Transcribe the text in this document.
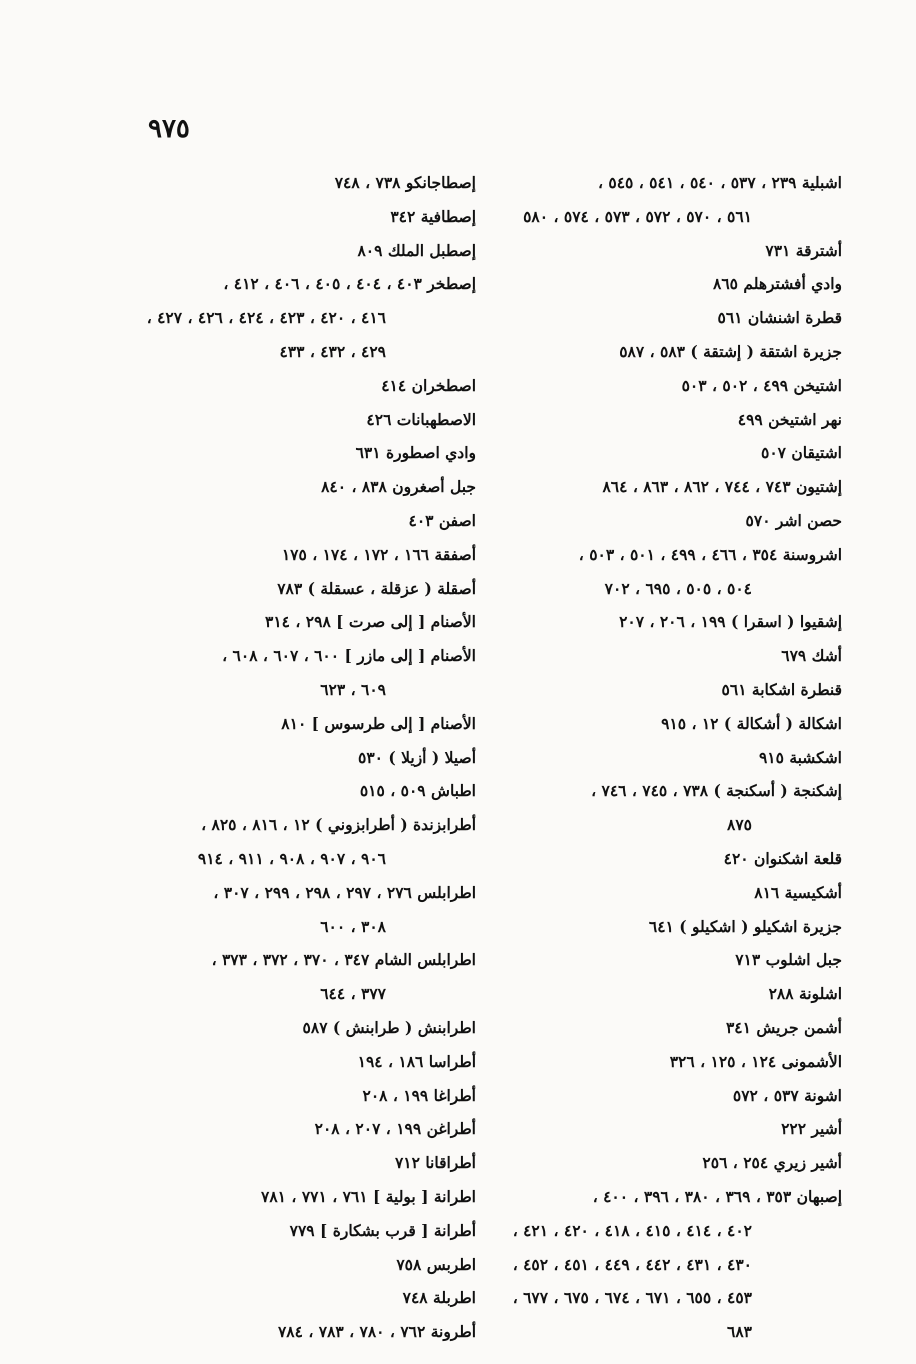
٩٧٥
اشبلية ٢٣٩ ، ٥٣٧ ، ٥٤٠ ، ٥٤١ ، ٥٤٥ ،
٥٦١ ، ٥٧٠ ، ٥٧٢ ، ٥٧٣ ، ٥٧٤ ، ٥٨٠
أشترقة ٧٣١
وادي أفشترهلم ٨٦٥
قطرة اشنشان ٥٦١
جزيرة اشتقة ( إشتقة ) ٥٨٣ ، ٥٨٧
اشتيخن ٤٩٩ ، ٥٠٢ ، ٥٠٣
نهر اشتيخن ٤٩٩
اشتيقان ٥٠٧
إشتيون ٧٤٣ ، ٧٤٤ ، ٨٦٢ ، ٨٦٣ ، ٨٦٤
حصن اشر ٥٧٠
اشروسنة ٣٥٤ ، ٤٦٦ ، ٤٩٩ ، ٥٠١ ، ٥٠٣ ،
٥٠٤ ، ٥٠٥ ، ٦٩٥ ، ٧٠٢
إشقيوا ( اسقرا ) ١٩٩ ، ٢٠٦ ، ٢٠٧
أشك ٦٧٩
قنطرة اشكابة ٥٦١
اشكالة ( أشكالة ) ١٢ ، ٩١٥
اشكشبة ٩١٥
إشكنجة ( أسكنجة ) ٧٣٨ ، ٧٤٥ ، ٧٤٦ ،
٨٧٥
قلعة اشكنوان ٤٢٠
أشكيسية ٨١٦
جزيرة اشكيلو ( اشكيلو ) ٦٤١
جبل اشلوب ٧١٣
اشلونة ٢٨٨
أشمن جريش ٣٤١
الأشمونى ١٢٤ ، ١٢٥ ، ٣٢٦
اشونة ٥٣٧ ، ٥٧٢
أشير ٢٢٢
أشير زيري ٢٥٤ ، ٢٥٦
إصبهان ٣٥٣ ، ٣٦٩ ، ٣٨٠ ، ٣٩٦ ، ٤٠٠ ،
٤٠٢ ، ٤١٤ ، ٤١٥ ، ٤١٨ ، ٤٢٠ ، ٤٢١ ،
٤٣٠ ، ٤٣١ ، ٤٤٢ ، ٤٤٩ ، ٤٥١ ، ٤٥٢ ،
٤٥٣ ، ٦٥٥ ، ٦٧١ ، ٦٧٤ ، ٦٧٥ ، ٦٧٧ ،
٦٨٣
إصطاجانكو ٧٣٨ ، ٧٤٨
إصطافية ٣٤٢
إصطبل الملك ٨٠٩
إصطخر ٤٠٣ ، ٤٠٤ ، ٤٠٥ ، ٤٠٦ ، ٤١٢ ،
٤١٦ ، ٤٢٠ ، ٤٢٣ ، ٤٢٤ ، ٤٢٦ ، ٤٢٧ ،
٤٢٩ ، ٤٣٢ ، ٤٣٣
اصطخران ٤١٤
الاصطهبانات ٤٢٦
وادي اصطورة ٦٣١
جبل أصغرون ٨٣٨ ، ٨٤٠
اصفن ٤٠٣
أصفقة ١٦٦ ، ١٧٢ ، ١٧٤ ، ١٧٥
أصقلة ( عزقلة ، عسقلة ) ٧٨٣
الأصنام [ إلى صرت ] ٢٩٨ ، ٣١٤
الأصنام [ إلى مازر ] ٦٠٠ ، ٦٠٧ ، ٦٠٨ ،
٦٠٩ ، ٦٢٣
الأصنام [ إلى طرسوس ] ٨١٠
أصيلا ( أزيلا ) ٥٣٠
اطباش ٥٠٩ ، ٥١٥
أطرابزندة ( أطرابزوني ) ١٢ ، ٨١٦ ، ٨٢٥ ،
٩٠٦ ، ٩٠٧ ، ٩٠٨ ، ٩١١ ، ٩١٤
اطرابلس ٢٧٦ ، ٢٩٧ ، ٢٩٨ ، ٢٩٩ ، ٣٠٧ ،
٣٠٨ ، ٦٠٠
اطرابلس الشام ٣٤٧ ، ٣٧٠ ، ٣٧٢ ، ٣٧٣ ،
٣٧٧ ، ٦٤٤
اطرابنش ( طرابنش ) ٥٨٧
أطراسا ١٨٦ ، ١٩٤
أطراغا ١٩٩ ، ٢٠٨
أطراغن ١٩٩ ، ٢٠٧ ، ٢٠٨
أطراقانا ٧١٢
اطرانة [ بولية ] ٧٦١ ، ٧٧١ ، ٧٨١
أطرانة [ قرب بشكارة ] ٧٧٩
اطربس ٧٥٨
اطربلة ٧٤٨
أطرونة ٧٦٢ ، ٧٨٠ ، ٧٨٣ ، ٧٨٤
